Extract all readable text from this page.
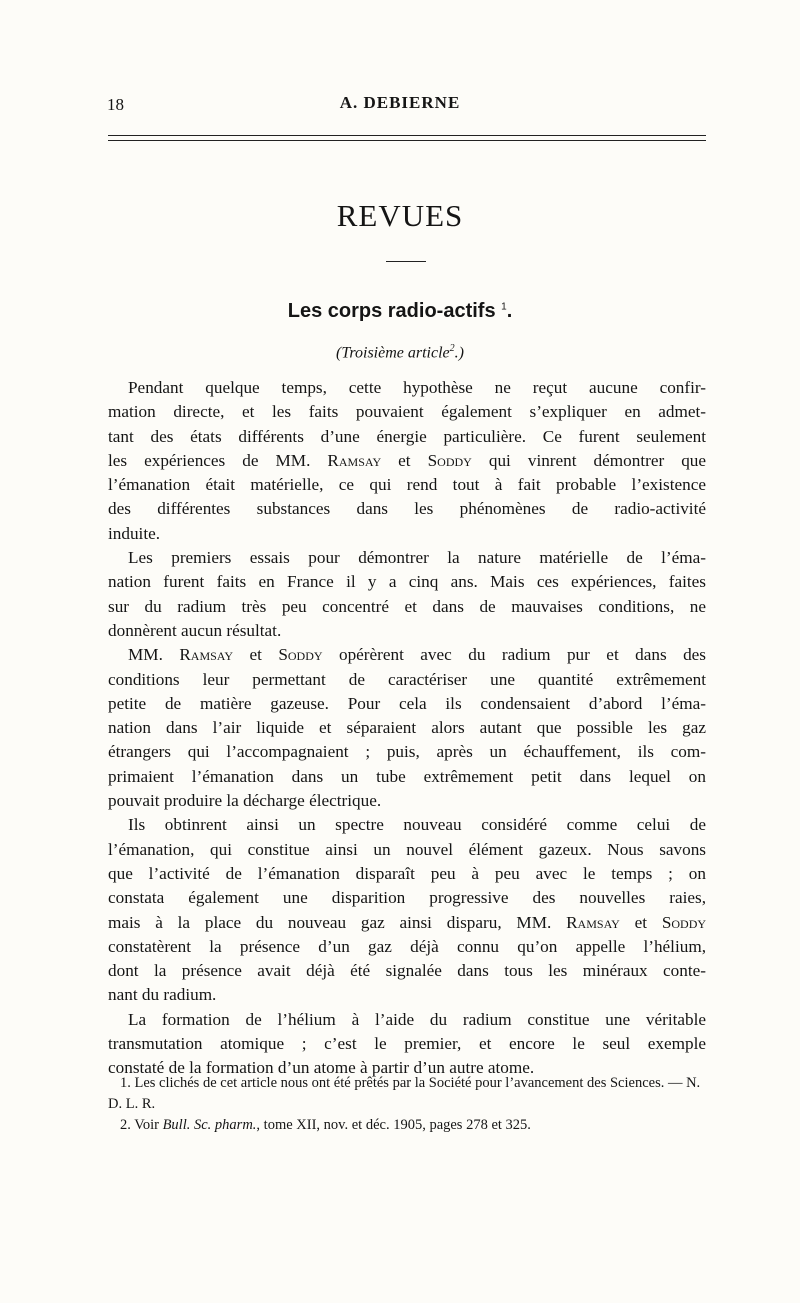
18	A. DEBIERNE
REVUES
Les corps radio-actifs $^1$.
(Troisième article$^2$.)
Pendant quelque temps, cette hypothèse ne reçut aucune confir-
mation directe, et les faits pouvaient également s’expliquer en admet-
tant des états différents d’une énergie particulière. Ce furent seulement
les expériences de MM. Ramsay et Soddy qui vinrent démontrer que
l’émanation était matérielle, ce qui rend tout à fait probable l’existence
des différentes substances dans les phénomènes de radio-activité
induite.
Les premiers essais pour démontrer la nature matérielle de l’éma-
nation furent faits en France il y a cinq ans. Mais ces expériences, faites
sur du radium très peu concentré et dans de mauvaises conditions, ne
donnèrent aucun résultat.
MM. Ramsay et Soddy opérèrent avec du radium pur et dans des
conditions leur permettant de caractériser une quantité extrêmement
petite de matière gazeuse. Pour cela ils condensaient d’abord l’éma-
nation dans l’air liquide et séparaient alors autant que possible les gaz
étrangers qui l’accompagnaient ; puis, après un échauffement, ils com-
primaient l’émanation dans un tube extrêmement petit dans lequel on
pouvait produire la décharge électrique.
Ils obtinrent ainsi un spectre nouveau considéré comme celui de
l’émanation, qui constitue ainsi un nouvel élément gazeux. Nous savons
que l’activité de l’émanation disparaît peu à peu avec le temps ; on
constata également une disparition progressive des nouvelles raies,
mais à la place du nouveau gaz ainsi disparu, MM. Ramsay et Soddy
constatèrent la présence d’un gaz déjà connu qu’on appelle l’hélium,
dont la présence avait déjà été signalée dans tous les minéraux conte-
nant du radium.
La formation de l’hélium à l’aide du radium constitue une véritable
transmutation atomique ; c’est le premier, et encore le seul exemple
constaté de la formation d’un atome à partir d’un autre atome.
1. Les clichés de cet article nous ont été prêtés par la Société pour l’avancement des Sciences. — N. D. L. R.
2. Voir Bull. Sc. pharm., tome XII, nov. et déc. 1905, pages 278 et 325.
